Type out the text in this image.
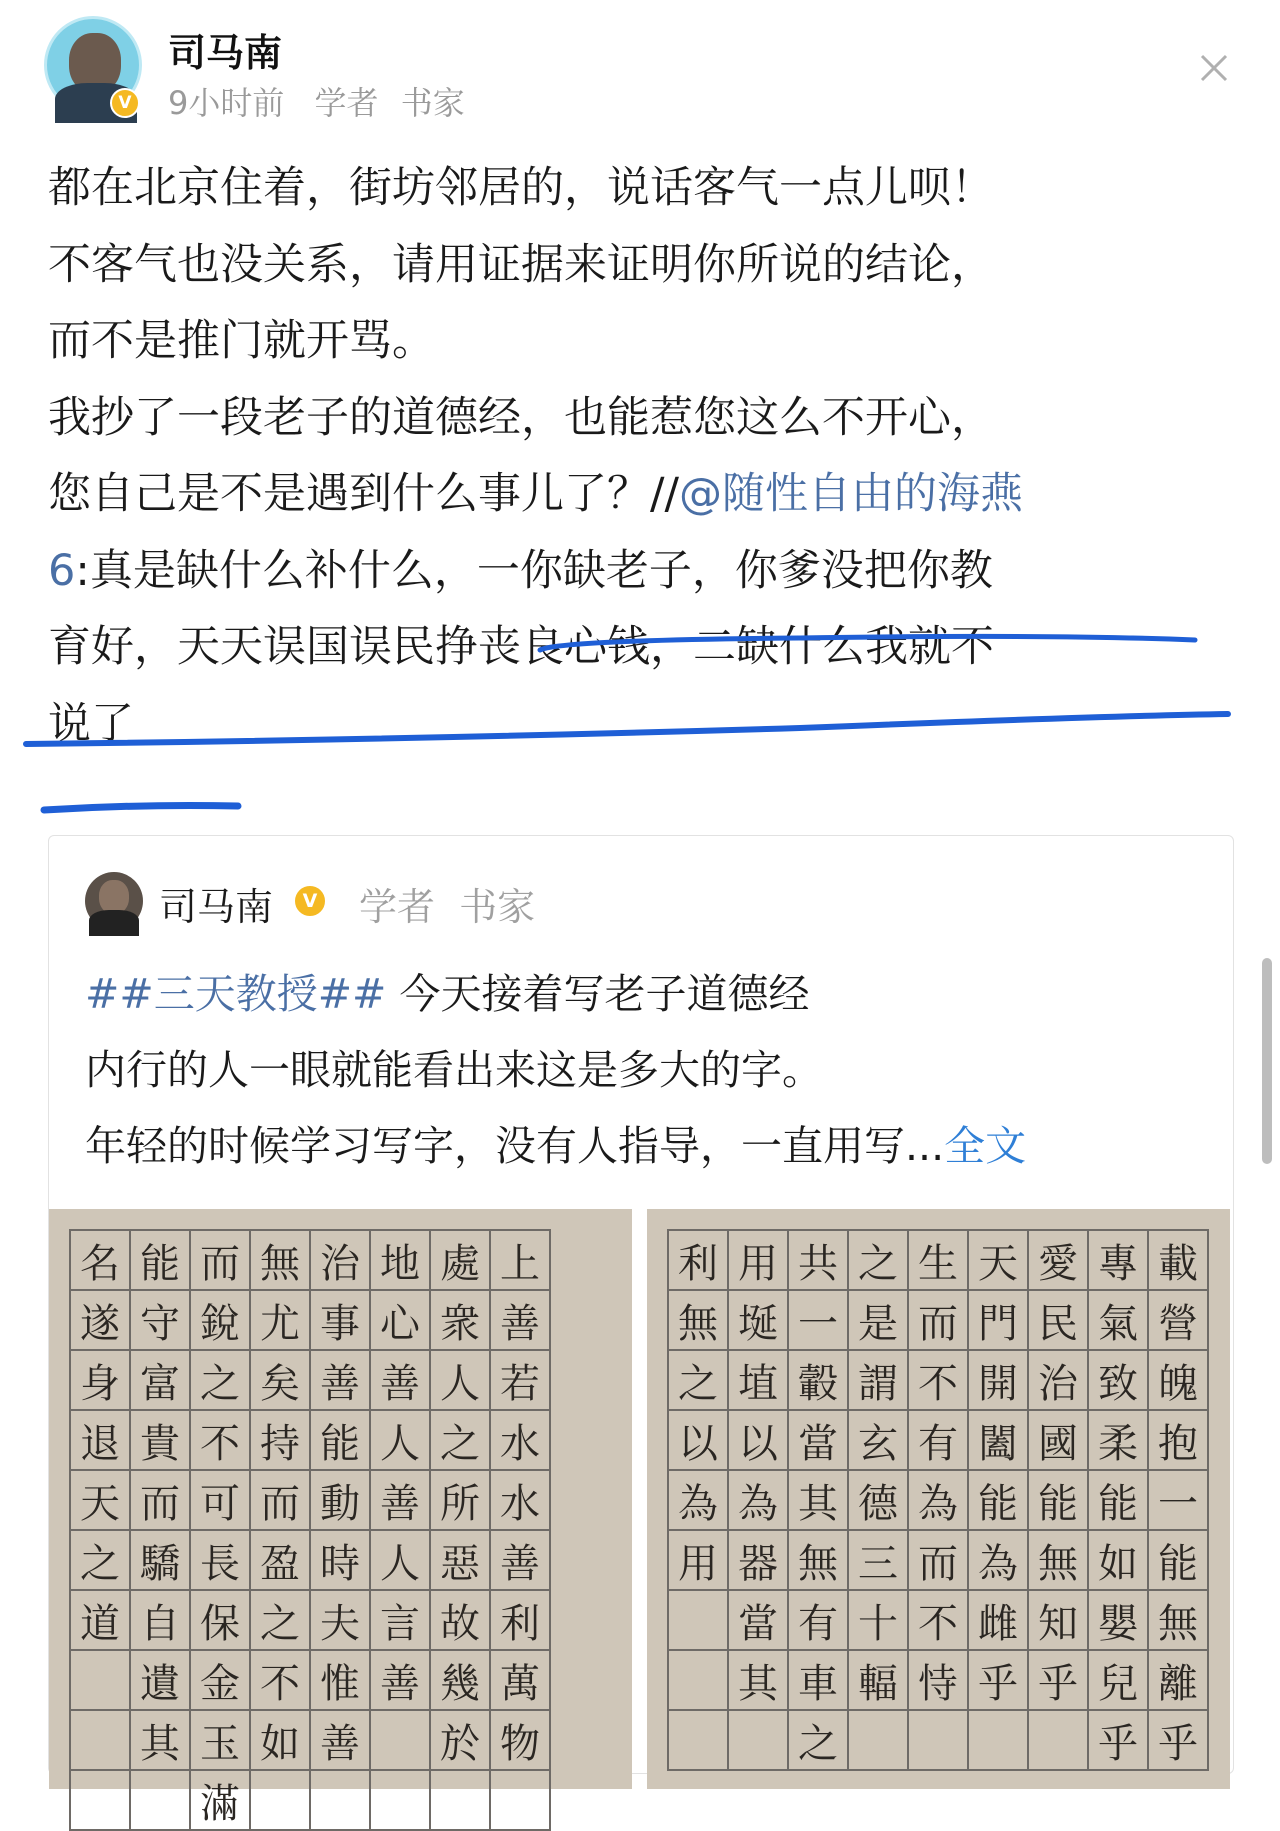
V
司马南
9小时前 学者 书家
都在北京住着，街坊邻居的，说话客气一点儿呗！
不客气也没关系，请用证据来证明你所说的结论，
而不是推门就开骂。
我抄了一段老子的道德经，也能惹您这么不开心，
您自己是不是遇到什么事儿了？//@随性自由的海燕
6:真是缺什么补什么，一你缺老子，你爹没把你教
育好，天天误国误民挣丧良心钱，二缺什么我就不
说了
司马南	V 学者 书家
##三天教授## 今天接着写老子道德经
内行的人一眼就能看出来这是多大的字。
年轻的时候学习写字，没有人指导，一直用写...全文
名 能 而 無 治 地 處 上
遂 守 銳 尤 事 心 衆 善
身 富 之 矣 善 善 人 若
退 貴 不 持 能 人 之 水
天 而 可 而 動 善 所 水
之 驕 長 盈 時 人 惡 善
道 自 保 之 夫 言 故 利
遺 金 不 惟 善 幾 萬
其 玉 如 善 於 物
滿
利 用 共 之 生 天 愛 專 載
無 埏 一 是 而 門 民 氣 營
之 埴 轂 謂 不 開 治 致 魄
以 以 當 玄 有 闔 國 柔 抱
為 為 其 德 為 能 能 能 一
用 器 無 三 而 為 無 如 能
當 有 十 不 雌 知 嬰 無
其 車 輻 恃 乎 乎 兒 離
之	乎 乎
